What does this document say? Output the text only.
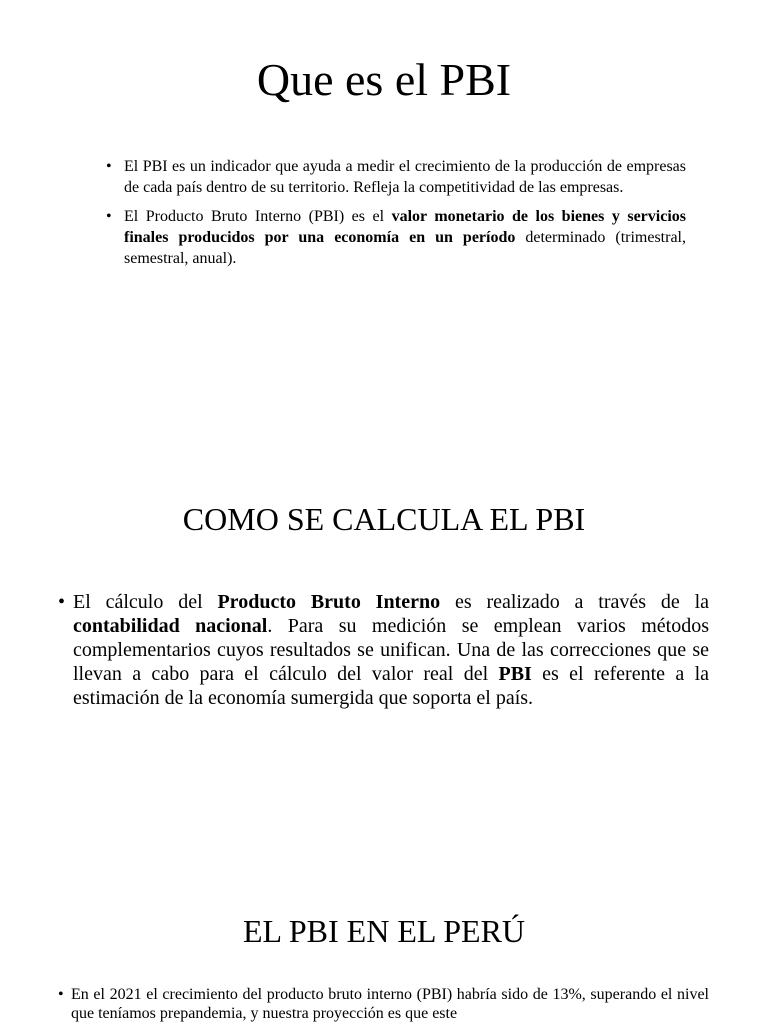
Que es el PBI
• El PBI es un indicador que ayuda a medir el crecimiento de la producción de empresas de cada país dentro de su territorio. Refleja la competitividad de las empresas.
• El Producto Bruto Interno (PBI) es el valor monetario de los bienes y servicios finales producidos por una economía en un período determinado (trimestral, semestral, anual).
COMO SE CALCULA EL PBI
• El cálculo del Producto Bruto Interno es realizado a través de la contabilidad nacional. Para su medición se emplean varios métodos complementarios cuyos resultados se unifican. Una de las correcciones que se llevan a cabo para el cálculo del valor real del PBI es el referente a la estimación de la economía sumergida que soporta el país.
EL PBI EN EL PERÚ
• En el 2021 el crecimiento del producto bruto interno (PBI) habría sido de 13%, superando el nivel que teníamos prepandemia, y nuestra proyección es que este
